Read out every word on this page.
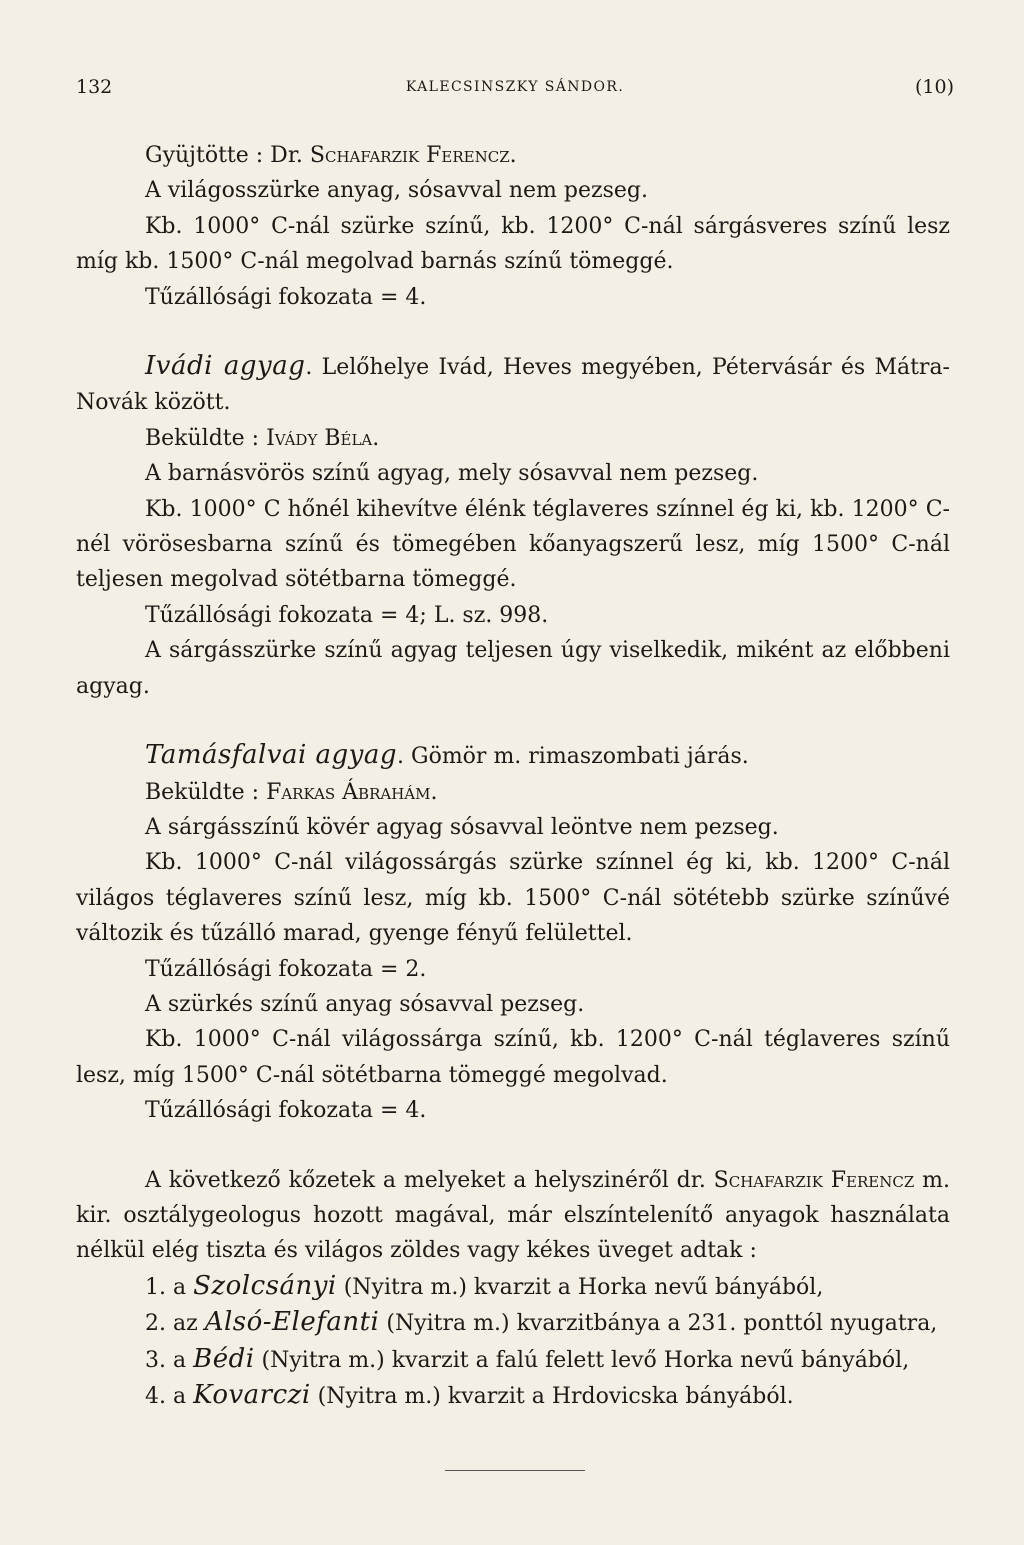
132	KALECSINSZKY SÁNDOR.	(10)

Gyüjtötte : Dr. Schafarzik Ferencz.

A világosszürke anyag, sósavval nem pezseg.

Kb. 1000° C-nál szürke színű, kb. 1200° C-nál sárgásveres színű lesz míg kb. 1500° C-nál megolvad barnás színű tömeggé.

Tűzállósági fokozata = 4.

Ivádi agyag. Lelőhelye Ivád, Heves megyében, Pétervásár és Mátra-Novák között.

Beküldte : Ivády Béla.

A barnásvörös színű agyag, mely sósavval nem pezseg.

Kb. 1000° C hőnél kihevítve élénk téglaveres színnel ég ki, kb. 1200° C-nél vörösesbarna színű és tömegében kőanyagszerű lesz, míg 1500° C-nál teljesen megolvad sötétbarna tömeggé.

Tűzállósági fokozata = 4; L. sz. 998.

A sárgásszürke színű agyag teljesen úgy viselkedik, miként az előbbeni agyag.

Tamásfalvai agyag. Gömör m. rimaszombati járás.

Beküldte : Farkas Ábrahám.

A sárgásszínű kövér agyag sósavval leöntve nem pezseg.

Kb. 1000° C-nál világossárgás szürke színnel ég ki, kb. 1200° C-nál világos téglaveres színű lesz, míg kb. 1500° C-nál sötétebb szürke színűvé változik és tűzálló marad, gyenge fényű felülettel.

Tűzállósági fokozata = 2.

A szürkés színű anyag sósavval pezseg.

Kb. 1000° C-nál világossárga színű, kb. 1200° C-nál téglaveres színű lesz, míg 1500° C-nál sötétbarna tömeggé megolvad.

Tűzállósági fokozata = 4.

A következő kőzetek a melyeket a helyszinéről dr. Schafarzik Ferencz m. kir. osztálygeologus hozott magával, már elszíntelenítő anyagok használata nélkül elég tiszta és világos zöldes vagy kékes üveget adtak :

1. a Szolcsányi (Nyitra m.) kvarzit a Horka nevű bányából,

2. az Alsó-Elefanti (Nyitra m.) kvarzitbánya a 231. ponttól nyugatra,

3. a Bédi (Nyitra m.) kvarzit a falú felett levő Horka nevű bányából,

4. a Kovarczi (Nyitra m.) kvarzit a Hrdovicska bányából.
